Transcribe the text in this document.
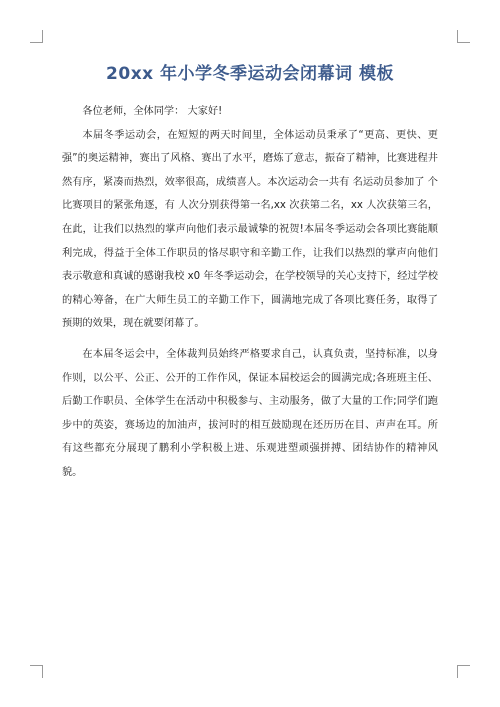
20xx 年小学冬季运动会闭幕词 模板

各位老师，全体同学： 大家好!

本届冬季运动会，在短短的两天时间里，全体运动员秉承了“更高、更快、更强”的奥运精神，赛出了风格、赛出了水平，磨炼了意志，振奋了精神，比赛进程井然有序，紧凑而热烈，效率很高，成绩喜人。本次运动会一共有 名运动员参加了 个比赛项目的紧张角逐，有 人次分别获得第一名,xx 次获第二名，xx 人次获第三名，在此，让我们以热烈的掌声向他们表示最诚挚的祝贺!本届冬季运动会各项比赛能顺利完成，得益于全体工作职员的恪尽职守和辛勤工作，让我们以热烈的掌声向他们表示敬意和真诚的感谢我校 x0 年冬季运动会，在学校领导的关心支持下，经过学校的精心筹备，在广大师生员工的辛勤工作下，圆满地完成了各项比赛任务，取得了预期的效果，现在就要闭幕了。

在本届冬运会中，全体裁判员始终严格要求自己，认真负责，坚持标准，以身作则，以公平、公正、公开的工作作风，保证本届校运会的圆满完成;各班班主任、后勤工作职员、全体学生在活动中积极参与、主动服务，做了大量的工作;同学们跑步中的英姿，赛场边的加油声，拔河时的相互鼓励现在还历历在目、声声在耳。所有这些都充分展现了鹏利小学积极上进、乐观进塑顽强拼搏、团结协作的精神风貌。
